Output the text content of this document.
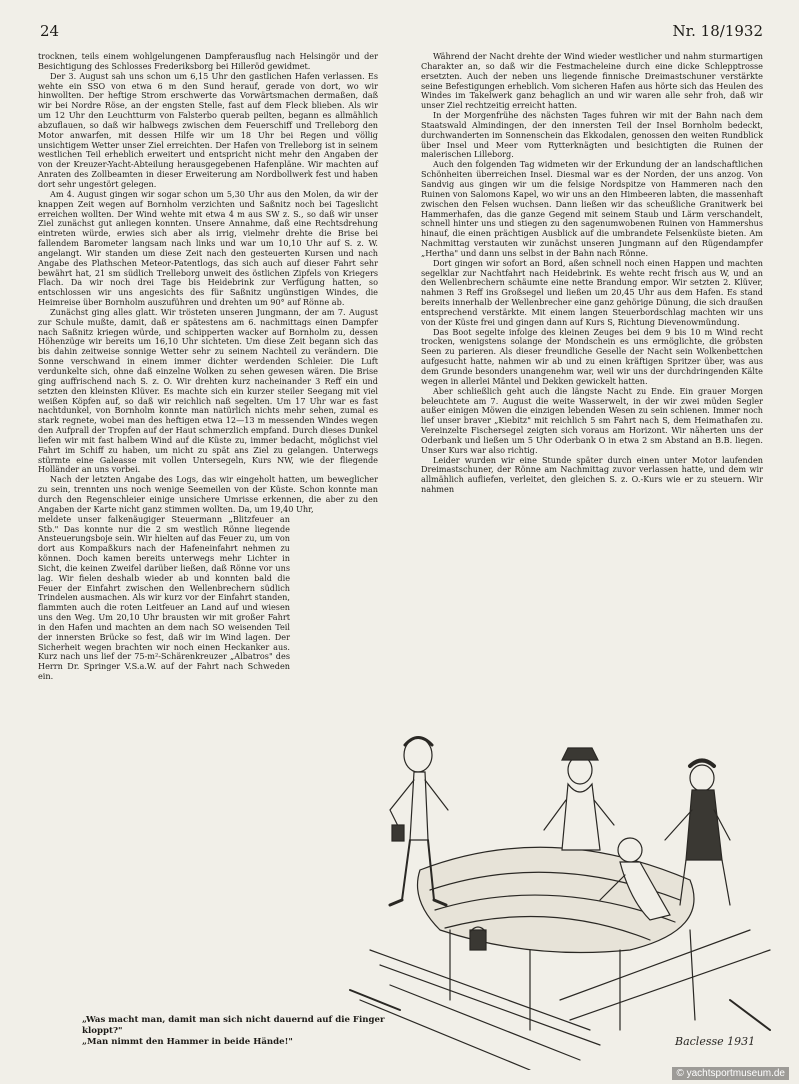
24	Nr. 18/1932

trocknen, teils einem wohlgelungenen Dampferausflug nach Helsingör und der Besichtigung des Schlosses Frederiksborg bei Hilleröd gewidmet.

Der 3. August sah uns schon um 6,15 Uhr den gastlichen Hafen verlassen. Es wehte ein SSO von etwa 6 m den Sund herauf, gerade von dort, wo wir hinwollten. Der heftige Strom erschwerte das Vorwärtsmachen dermaßen, daß wir bei Nordre Röse, an der engsten Stelle, fast auf dem Fleck blieben. Als wir um 12 Uhr den Leuchtturm von Falsterbo querab peilten, begann es allmählich abzuflauen, so daß wir halbwegs zwischen dem Feuerschiff und Trelleborg den Motor anwarfen, mit dessen Hilfe wir um 18 Uhr bei Regen und völlig unsichtigem Wetter unser Ziel erreichten. Der Hafen von Trelleborg ist in seinem westlichen Teil erheblich erweitert und entspricht nicht mehr den Angaben der von der Kreuzer-Yacht-Abteilung herausgegebenen Hafenpläne. Wir machten auf Anraten des Zollbeamten in dieser Erweiterung am Nordbollwerk fest und haben dort sehr ungestört gelegen.

Am 4. August gingen wir sogar schon um 5,30 Uhr aus den Molen, da wir der knappen Zeit wegen auf Bornholm verzichten und Saßnitz noch bei Tageslicht erreichen wollten. Der Wind wehte mit etwa 4 m aus SW z. S., so daß wir unser Ziel zunächst gut anliegen konnten. Unsere Annahme, daß eine Rechtsdrehung eintreten würde, erwies sich aber als irrig, vielmehr drehte die Brise bei fallendem Barometer langsam nach links und war um 10,10 Uhr auf S. z. W. angelangt. Wir standen um diese Zeit nach den gesteuerten Kursen und nach Angabe des Plathschen Meteor-Patentlogs, das sich auch auf dieser Fahrt sehr bewährt hat, 21 sm südlich Trelleborg unweit des östlichen Zipfels von Kriegers Flach. Da wir noch drei Tage bis Heidebrink zur Verfügung hatten, so entschlossen wir uns angesichts des für Saßnitz ungünstigen Windes, die Heimreise über Bornholm auszuführen und drehten um 90° auf Rönne ab.

Zunächst ging alles glatt. Wir trösteten unseren Jungmann, der am 7. August zur Schule mußte, damit, daß er spätestens am 6. nachmittags einen Dampfer nach Saßnitz kriegen würde, und schipperten wacker auf Bornholm zu, dessen Höhenzüge wir bereits um 16,10 Uhr sichteten. Um diese Zeit begann sich das bis dahin zeitweise sonnige Wetter sehr zu seinem Nachteil zu verändern. Die Sonne verschwand in einem immer dichter werdenden Schleier. Die Luft verdunkelte sich, ohne daß einzelne Wolken zu sehen gewesen wären. Die Brise ging auffrischend nach S. z. O. Wir drehten kurz nacheinander 3 Reff ein und setzten den kleinsten Klüver. Es machte sich ein kurzer steiler Seegang mit viel weißen Köpfen auf, so daß wir reichlich naß segelten. Um 17 Uhr war es fast nachtdunkel, von Bornholm konnte man natürlich nichts mehr sehen, zumal es stark regnete, wobei man des heftigen etwa 12—13 m messenden Windes wegen den Aufprall der Tropfen auf der Haut schmerzlich empfand. Durch dieses Dunkel liefen wir mit fast halbem Wind auf die Küste zu, immer bedacht, möglichst viel Fahrt im Schiff zu haben, um nicht zu spät ans Ziel zu gelangen. Unterwegs stürmte eine Galeasse mit vollen Untersegeln, Kurs NW, wie der fliegende Holländer an uns vorbei.

Nach der letzten Angabe des Logs, das wir eingeholt hatten, um beweglicher zu sein, trennten uns noch wenige Seemeilen von der Küste. Schon konnte man durch den Regenschleier einige unsichere Umrisse erkennen, die aber zu den Angaben der Karte nicht ganz stimmen wollten. Da, um 19,40 Uhr,

meldete unser falkenäugiger Steuermann „Blitzfeuer an Stb." Das konnte nur die 2 sm westlich Rönne liegende Ansteuerungsboje sein. Wir hielten auf das Feuer zu, um von dort aus Kompaßkurs nach der Hafeneinfahrt nehmen zu können. Doch kamen bereits unterwegs mehr Lichter in Sicht, die keinen Zweifel darüber ließen, daß Rönne vor uns lag. Wir fielen deshalb wieder ab und konnten bald die Feuer der Einfahrt zwischen den Wellenbrechern südlich Trindelen ausmachen. Als wir kurz vor der Einfahrt standen, flammten auch die roten Leitfeuer an Land auf und wiesen uns den Weg. Um 20,10 Uhr brausten wir mit großer Fahrt in den Hafen und machten an dem nach SO weisenden Teil der innersten Brücke so fest, daß wir im Wind lagen. Der Sicherheit wegen brachten wir noch einen Heckanker aus. Kurz nach uns lief der 75-m²-Schärenkreuzer „Albatros" des Herrn Dr. Springer V.S.a.W. auf der Fahrt nach Schweden ein.

Während der Nacht drehte der Wind wieder westlicher und nahm sturmartigen Charakter an, so daß wir die Festmacheleine durch eine dicke Schlepptrosse ersetzten. Auch der neben uns liegende finnische Dreimastschuner verstärkte seine Befestigungen erheblich. Vom sicheren Hafen aus hörte sich das Heulen des Windes im Takelwerk ganz behaglich an und wir waren alle sehr froh, daß wir unser Ziel rechtzeitig erreicht hatten.

In der Morgenfrühe des nächsten Tages fuhren wir mit der Bahn nach dem Staatswald Almindingen, der den innersten Teil der Insel Bornholm bedeckt, durchwanderten im Sonnenschein das Ekkodalen, genossen den weiten Rundblick über Insel und Meer vom Rytterknägten und besichtigten die Ruinen der malerischen Lilleborg.

Auch den folgenden Tag widmeten wir der Erkundung der an landschaftlichen Schönheiten überreichen Insel. Diesmal war es der Norden, der uns anzog. Von Sandvig aus gingen wir um die felsige Nordspitze von Hammeren nach den Ruinen von Salomons Kapel, wo wir uns an den Himbeeren labten, die massenhaft zwischen den Felsen wuchsen. Dann ließen wir das scheußliche Granitwerk bei Hammerhafen, das die ganze Gegend mit seinem Staub und Lärm verschandelt, schnell hinter uns und stiegen zu den sagenumwobenen Ruinen von Hammershus hinauf, die einen prächtigen Ausblick auf die umbrandete Felsenküste bieten. Am Nachmittag verstauten wir zunächst unseren Jungmann auf den Rügendampfer „Hertha" und dann uns selbst in der Bahn nach Rönne.

Dort gingen wir sofort an Bord, aßen schnell noch einen Happen und machten segelklar zur Nachtfahrt nach Heidebrink. Es wehte recht frisch aus W, und an den Wellenbrechern schäumte eine nette Brandung empor. Wir setzten 2. Klüver, nahmen 3 Reff ins Großsegel und ließen um 20,45 Uhr aus dem Hafen. Es stand bereits innerhalb der Wellenbrecher eine ganz gehörige Dünung, die sich draußen entsprechend verstärkte. Mit einem langen Steuerbordschlag machten wir uns von der Küste frei und gingen dann auf Kurs S, Richtung Dievenowmündung.

Das Boot segelte infolge des kleinen Zeuges bei dem 9 bis 10 m Wind recht trocken, wenigstens solange der Mondschein es uns ermöglichte, die gröbsten Seen zu parieren. Als dieser freundliche Geselle der Nacht sein Wolkenbettchen aufgesucht hatte, nahmen wir ab und zu einen kräftigen Spritzer über, was aus dem Grunde besonders unangenehm war, weil wir uns der durchdringenden Kälte wegen in allerlei Mäntel und Dekken gewickelt hatten.

Aber schließlich geht auch die längste Nacht zu Ende. Ein grauer Morgen beleuchtete am 7. August die weite Wasserwelt, in der wir zwei müden Segler außer einigen Möwen die einzigen lebenden Wesen zu sein schienen. Immer noch lief unser braver „Kiebitz" mit reichlich 5 sm Fahrt nach S, dem Heimathafen zu. Vereinzelte Fischersegel zeigten sich voraus am Horizont. Wir näherten uns der Oderbank und ließen um 5 Uhr Oderbank O in etwa 2 sm Abstand an B.B. liegen. Unser Kurs war also richtig.

Leider wurden wir eine Stunde später durch einen unter Motor laufenden Dreimastschuner, der Rönne am Nachmittag zuvor verlassen hatte, und dem wir allmählich aufliefen, verleitet, den gleichen S. z. O.-Kurs wie er zu steuern. Wir nahmen

Baclesse 1931
„Was macht man, damit man sich nicht dauernd auf die Finger kloppt?"
„Man nimmt den Hammer in beide Hände!"
© yachtsportmuseum.de
